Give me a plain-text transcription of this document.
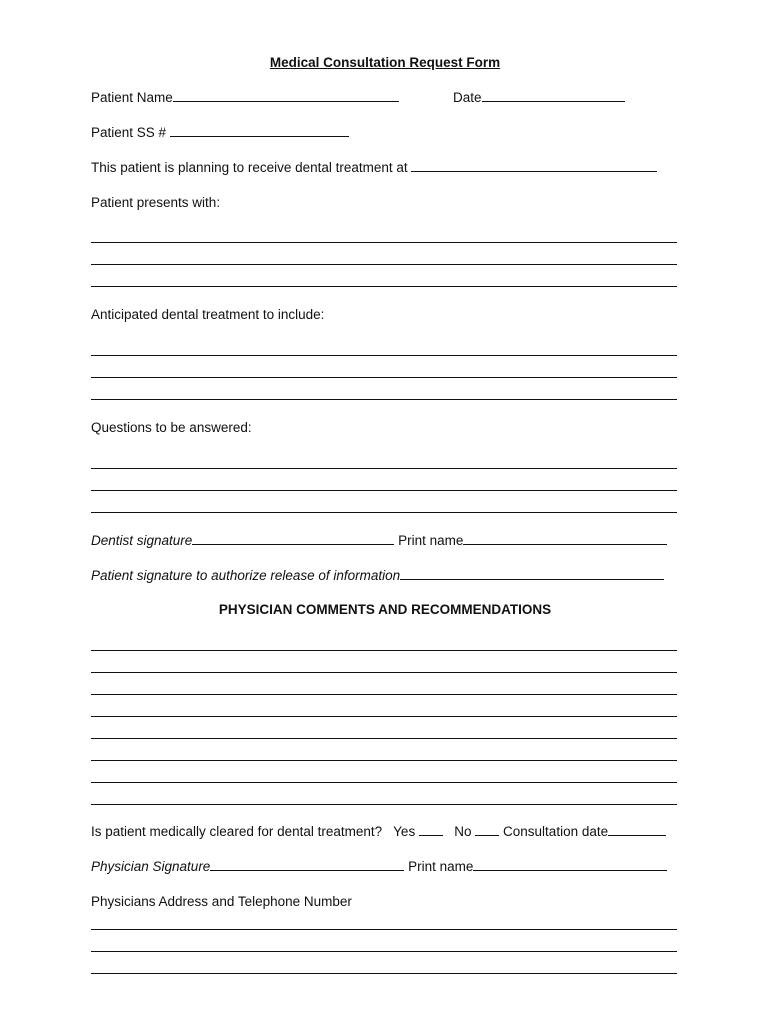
Medical Consultation Request Form
Patient Name	Date
Patient SS #
This patient is planning to receive dental treatment at
Patient presents with:
Anticipated dental treatment to include:
Questions to be answered:
Dentist signature	Print name
Patient signature to authorize release of information
PHYSICIAN COMMENTS AND RECOMMENDATIONS
Is patient medically cleared for dental treatment? Yes	No Consultation date
Physician Signature	Print name
Physicians Address and Telephone Number
